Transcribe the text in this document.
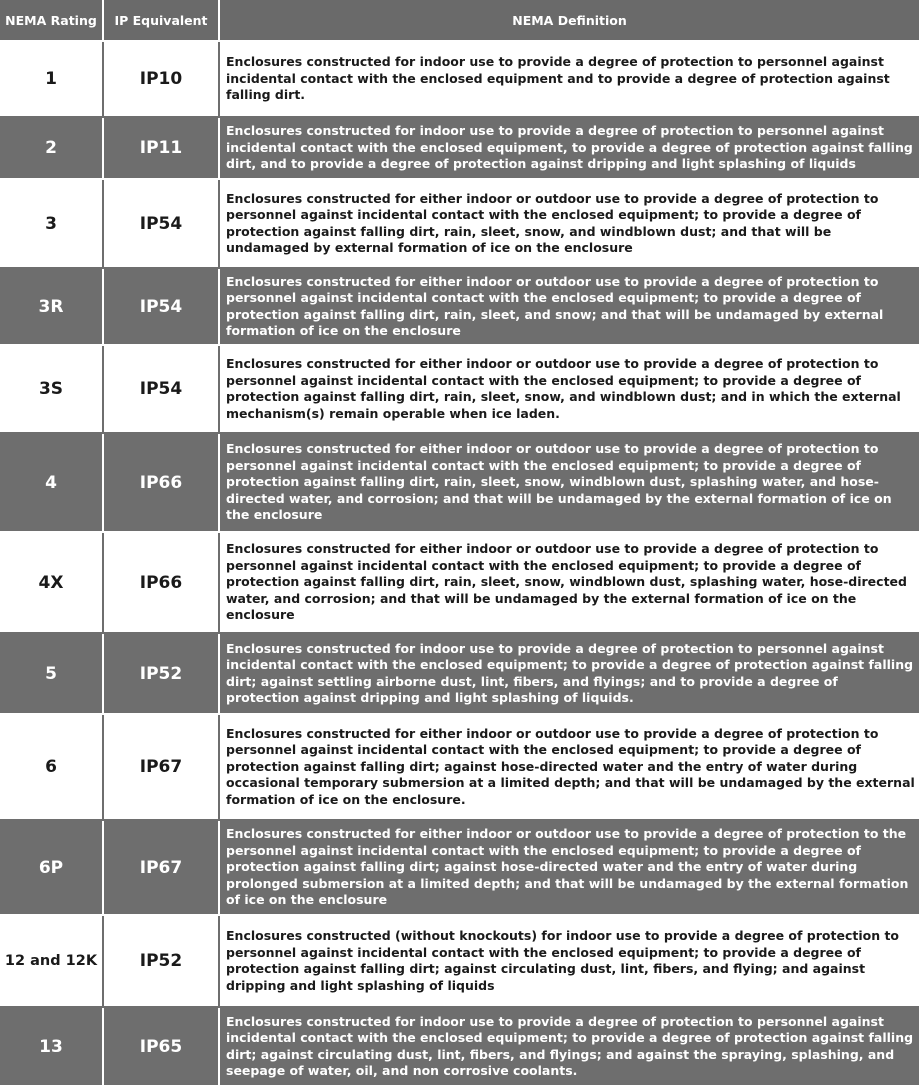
NEMA Rating	IP Equivalent	NEMA Definition
1	IP10	Enclosures constructed for indoor use to provide a degree of protection to personnel against incidental contact with the enclosed equipment and to provide a degree of protection against falling dirt.
2	IP11	Enclosures constructed for indoor use to provide a degree of protection to personnel against incidental contact with the enclosed equipment, to provide a degree of protection against falling dirt, and to provide a degree of protection against dripping and light splashing of liquids
3	IP54	Enclosures constructed for either indoor or outdoor use to provide a degree of protection to personnel against incidental contact with the enclosed equipment; to provide a degree of protection against falling dirt, rain, sleet, snow, and windblown dust; and that will be undamaged by external formation of ice on the enclosure
3R	IP54	Enclosures constructed for either indoor or outdoor use to provide a degree of protection to personnel against incidental contact with the enclosed equipment; to provide a degree of protection against falling dirt, rain, sleet, and snow; and that will be undamaged by external formation of ice on the enclosure
3S	IP54	Enclosures constructed for either indoor or outdoor use to provide a degree of protection to personnel against incidental contact with the enclosed equipment; to provide a degree of protection against falling dirt, rain, sleet, snow, and windblown dust; and in which the external mechanism(s) remain operable when ice laden.
4	IP66	Enclosures constructed for either indoor or outdoor use to provide a degree of protection to personnel against incidental contact with the enclosed equipment; to provide a degree of protection against falling dirt, rain, sleet, snow, windblown dust, splashing water, and hose-directed water, and corrosion; and that will be undamaged by the external formation of ice on the enclosure
4X	IP66	Enclosures constructed for either indoor or outdoor use to provide a degree of protection to personnel against incidental contact with the enclosed equipment; to provide a degree of protection against falling dirt, rain, sleet, snow, windblown dust, splashing water, hose-directed water, and corrosion; and that will be undamaged by the external formation of ice on the enclosure
5	IP52	Enclosures constructed for indoor use to provide a degree of protection to personnel against incidental contact with the enclosed equipment; to provide a degree of protection against falling dirt; against settling airborne dust, lint, fibers, and flyings; and to provide a degree of protection against dripping and light splashing of liquids.
6	IP67	Enclosures constructed for either indoor or outdoor use to provide a degree of protection to personnel against incidental contact with the enclosed equipment; to provide a degree of protection against falling dirt; against hose-directed water and the entry of water during occasional temporary submersion at a limited depth; and that will be undamaged by the external formation of ice on the enclosure.
6P	IP67	Enclosures constructed for either indoor or outdoor use to provide a degree of protection to the personnel against incidental contact with the enclosed equipment; to provide a degree of protection against falling dirt; against hose-directed water and the entry of water during prolonged submersion at a limited depth; and that will be undamaged by the external formation of ice on the enclosure
12 and 12K	IP52	Enclosures constructed (without knockouts) for indoor use to provide a degree of protection to personnel against incidental contact with the enclosed equipment; to provide a degree of protection against falling dirt; against circulating dust, lint, fibers, and flying; and against dripping and light splashing of liquids
13	IP65	Enclosures constructed for indoor use to provide a degree of protection to personnel against incidental contact with the enclosed equipment; to provide a degree of protection against falling dirt; against circulating dust, lint, fibers, and flyings; and against the spraying, splashing, and seepage of water, oil, and non corrosive coolants.
